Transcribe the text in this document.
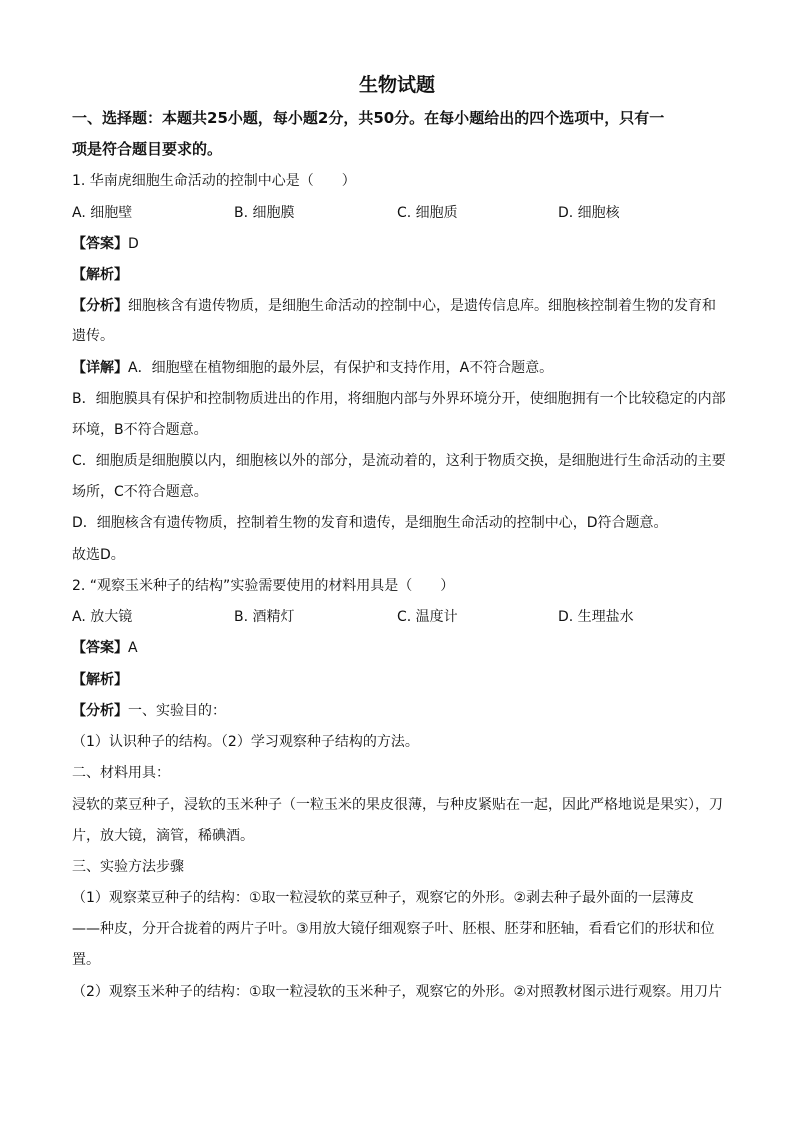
生物试题
一、选择题：本题共25小题，每小题2分，共50分。在每小题给出的四个选项中，只有一
项是符合题目要求的。
1. 华南虎细胞生命活动的控制中心是（　　）
A. 细胞壁	B. 细胞膜	C. 细胞质	D. 细胞核
【答案】D
【解析】
【分析】细胞核含有遗传物质，是细胞生命活动的控制中心，是遗传信息库。细胞核控制着生物的发育和
遗传。
【详解】A．细胞壁在植物细胞的最外层，有保护和支持作用，A不符合题意。
B．细胞膜具有保护和控制物质进出的作用，将细胞内部与外界环境分开，使细胞拥有一个比较稳定的内部
环境，B不符合题意。
C．细胞质是细胞膜以内，细胞核以外的部分，是流动着的，这利于物质交换，是细胞进行生命活动的主要
场所，C不符合题意。
D．细胞核含有遗传物质，控制着生物的发育和遗传，是细胞生命活动的控制中心，D符合题意。
故选D。
2. “观察玉米种子的结构”实验需要使用的材料用具是（　　）
A. 放大镜	B. 酒精灯	C. 温度计	D. 生理盐水
【答案】A
【解析】
【分析】一、实验目的：
（1）认识种子的结构。（2）学习观察种子结构的方法。
二、材料用具：
浸软的菜豆种子，浸软的玉米种子（一粒玉米的果皮很薄，与种皮紧贴在一起，因此严格地说是果实），刀
片，放大镜，滴管，稀碘酒。
三、实验方法步骤
（1）观察菜豆种子的结构：①取一粒浸软的菜豆种子，观察它的外形。②剥去种子最外面的一层薄皮
——种皮，分开合拢着的两片子叶。③用放大镜仔细观察子叶、胚根、胚芽和胚轴，看看它们的形状和位
置。
（2）观察玉米种子的结构：①取一粒浸软的玉米种子，观察它的外形。②对照教材图示进行观察。用刀片
